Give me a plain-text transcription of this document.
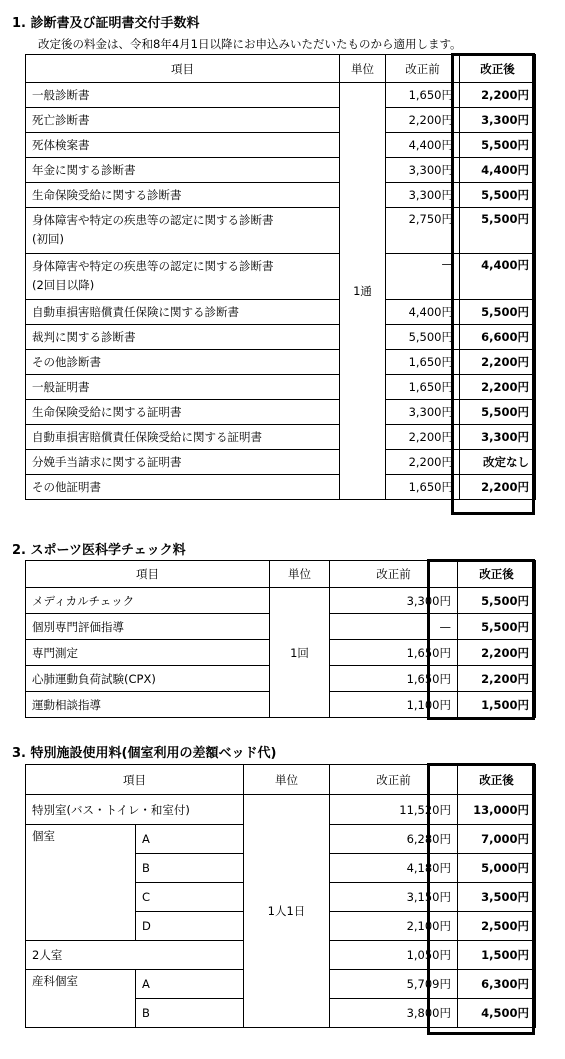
1. 診断書及び証明書交付手数料
改定後の料金は、令和8年4月1日以降にお申込みいただいたものから適用します。
項目	単位	改正前	改正後
一般診断書	1通	1,650円	2,200円
死亡診断書		2,200円	3,300円
死体検案書		4,400円	5,500円
年金に関する診断書		3,300円	4,400円
生命保険受給に関する診断書		3,300円	5,500円
身体障害や特定の疾患等の認定に関する診断書
(初回)		2,750円	5,500円
身体障害や特定の疾患等の認定に関する診断書
(2回目以降)		—	4,400円
自動車損害賠償責任保険に関する診断書		4,400円	5,500円
裁判に関する診断書		5,500円	6,600円
その他診断書		1,650円	2,200円
一般証明書		1,650円	2,200円
生命保険受給に関する証明書		3,300円	5,500円
自動車損害賠償責任保険受給に関する証明書		2,200円	3,300円
分娩手当請求に関する証明書		2,200円	改定なし
その他証明書		1,650円	2,200円
2. スポーツ医科学チェック料
項目	単位	改正前	改正後
メディカルチェック	1回	3,300円	5,500円
個別専門評価指導		—	5,500円
専門測定		1,650円	2,200円
心肺運動負荷試験(CPX)		1,650円	2,200円
運動相談指導		1,100円	1,500円
3. 特別施設使用料(個室利用の差額ベッド代)
項目		単位	改正前	改正後
特別室(バス・トイレ・和室付)		1人1日	11,520円	13,000円
個室	A		6,280円	7,000円
	B		4,180円	5,000円
	C		3,150円	3,500円
	D		2,100円	2,500円
2人室			1,050円	1,500円
産科個室	A		5,709円	6,300円
	B		3,800円	4,500円
